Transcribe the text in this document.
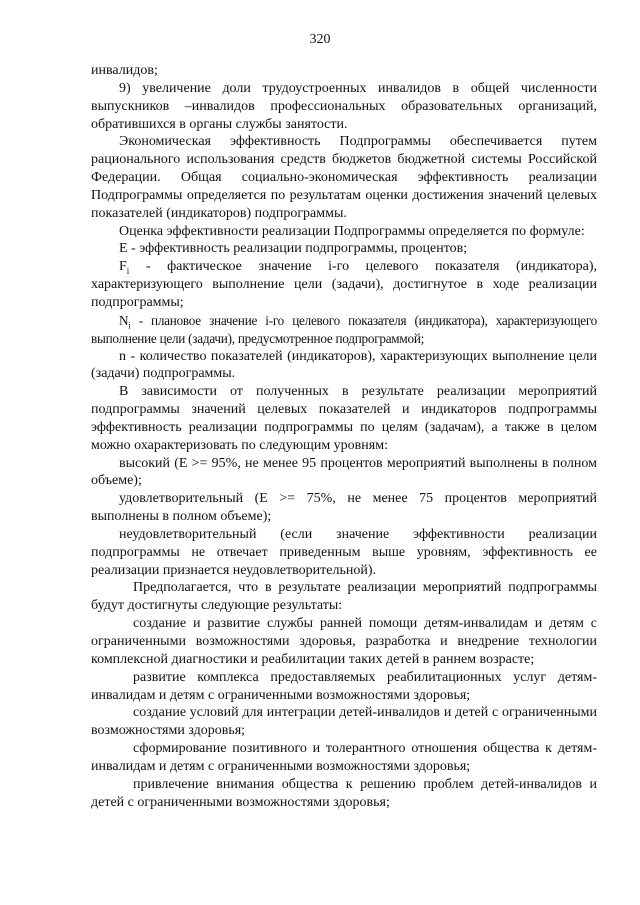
320

инвалидов;

9) увеличение доли трудоустроенных инвалидов в общей численности выпускников –инвалидов профессиональных образовательных организаций, обратившихся в органы службы занятости.

Экономическая эффективность Подпрограммы обеспечивается путем рационального использования средств бюджетов бюджетной системы Российской Федерации. Общая социально-экономическая эффективность реализации Подпрограммы определяется по результатам оценки достижения значений целевых показателей (индикаторов) подпрограммы.

Оценка эффективности реализации Подпрограммы определяется по формуле:

E - эффективность реализации подпрограммы, процентов;

$F_i$ - фактическое значение i-го целевого показателя (индикатора), характеризующего выполнение цели (задачи), достигнутое в ходе реализации подпрограммы;

$N_i$ - плановое значение i-го целевого показателя (индикатора), характеризующего выполнение цели (задачи), предусмотренное подпрограммой;

n - количество показателей (индикаторов), характеризующих выполнение цели (задачи) подпрограммы.

В зависимости от полученных в результате реализации мероприятий подпрограммы значений целевых показателей и индикаторов подпрограммы эффективность реализации подпрограммы по целям (задачам), а также в целом можно охарактеризовать по следующим уровням:

высокий (E >= 95%, не менее 95 процентов мероприятий выполнены в полном объеме);

удовлетворительный (E >= 75%, не менее 75 процентов мероприятий выполнены в полном объеме);

неудовлетворительный (если значение эффективности реализации подпрограммы не отвечает приведенным выше уровням, эффективность ее реализации признается неудовлетворительной).

Предполагается, что в результате реализации мероприятий подпрограммы будут достигнуты следующие результаты:

создание и развитие службы ранней помощи детям-инвалидам и детям с ограниченными возможностями здоровья, разработка и внедрение технологии комплексной диагностики и реабилитации таких детей в раннем возрасте;

развитие комплекса предоставляемых реабилитационных услуг детям-инвалидам и детям с ограниченными возможностями здоровья;

создание условий для интеграции детей-инвалидов и детей с ограниченными возможностями здоровья;

сформирование позитивного и толерантного отношения общества к детям-инвалидам и детям с ограниченными возможностями здоровья;

привлечение внимания общества к решению проблем детей-инвалидов и детей с ограниченными возможностями здоровья;
